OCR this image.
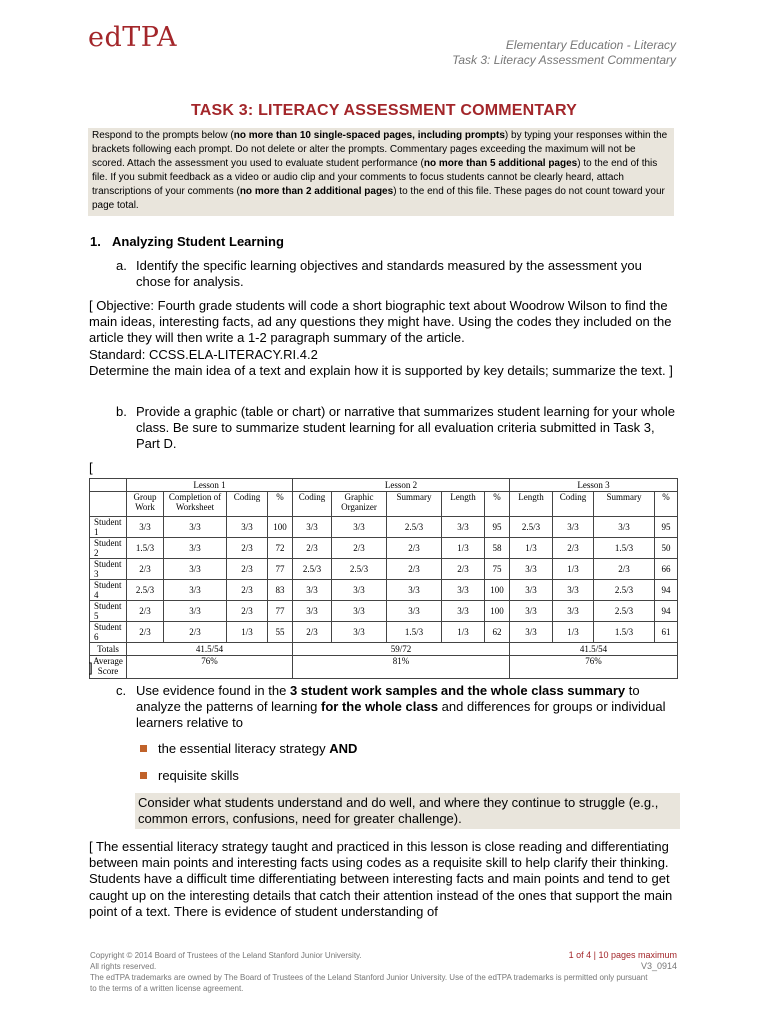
edTPA	Elementary Education - Literacy
Task 3: Literacy Assessment Commentary
TASK 3: LITERACY ASSESSMENT COMMENTARY
Respond to the prompts below (no more than 10 single-spaced pages, including prompts) by typing your responses within the brackets following each prompt. Do not delete or alter the prompts. Commentary pages exceeding the maximum will not be scored. Attach the assessment you used to evaluate student performance (no more than 5 additional pages) to the end of this file. If you submit feedback as a video or audio clip and your comments to focus students cannot be clearly heard, attach transcriptions of your comments (no more than 2 additional pages) to the end of this file. These pages do not count toward your page total.
1. Analyzing Student Learning
a. Identify the specific learning objectives and standards measured by the assessment you chose for analysis.
[ Objective: Fourth grade students will code a short biographic text about Woodrow Wilson to find the main ideas, interesting facts, ad any questions they might have. Using the codes they included on the article they will then write a 1-2 paragraph summary of the article.
Standard: CCSS.ELA-LITERACY.RI.4.2
Determine the main idea of a text and explain how it is supported by key details; summarize the text. ]
b. Provide a graphic (table or chart) or narrative that summarizes student learning for your whole class. Be sure to summarize student learning for all evaluation criteria submitted in Task 3, Part D.
[
	Lesson 1				Lesson 2					Lesson 3			
	Group Work	Completion of Worksheet	Coding	%	Coding	Graphic Organizer	Summary	Length	%	Length	Coding	Summary	%
Student 1	3/3	3/3	3/3	100	3/3	3/3	2.5/3	3/3	95	2.5/3	3/3	3/3	95
Student 2	1.5/3	3/3	2/3	72	2/3	2/3	2/3	1/3	58	1/3	2/3	1.5/3	50
Student 3	2/3	3/3	2/3	77	2.5/3	2.5/3	2/3	2/3	75	3/3	1/3	2/3	66
Student 4	2.5/3	3/3	2/3	83	3/3	3/3	3/3	3/3	100	3/3	3/3	2.5/3	94
Student 5	2/3	3/3	2/3	77	3/3	3/3	3/3	3/3	100	3/3	3/3	2.5/3	94
Student 6	2/3	2/3	1/3	55	2/3	3/3	1.5/3	1/3	62	3/3	1/3	1.5/3	61
Totals	41.5/54				59/72					41.5/54			
Average Score	76%				81%					76%			
]
c. Use evidence found in the 3 student work samples and the whole class summary to analyze the patterns of learning for the whole class and differences for groups or individual learners relative to
the essential literacy strategy AND
requisite skills
Consider what students understand and do well, and where they continue to struggle (e.g., common errors, confusions, need for greater challenge).
[ The essential literacy strategy taught and practiced in this lesson is close reading and differentiating between main points and interesting facts using codes as a requisite skill to help clarify their thinking. Students have a difficult time differentiating between interesting facts and main points and tend to get caught up on the interesting details that catch their attention instead of the ones that support the main point of a text. There is evidence of student understanding of
Copyright © 2014 Board of Trustees of the Leland Stanford Junior University.
All rights reserved.
The edTPA trademarks are owned by The Board of Trustees of the Leland Stanford Junior University. Use of the edTPA trademarks is permitted only pursuant to the terms of a written license agreement.
1 of 4 | 10 pages maximum
V3_0914
